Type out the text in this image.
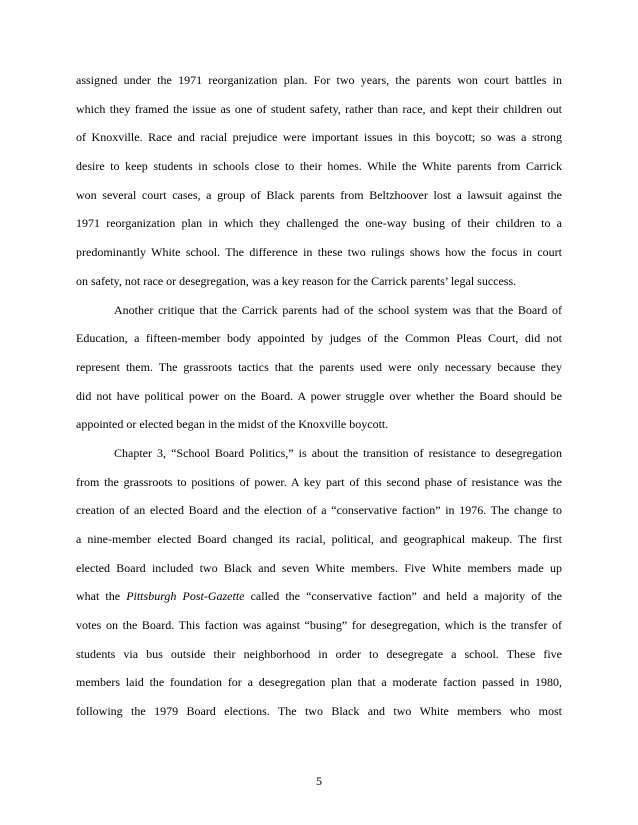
assigned under the 1971 reorganization plan. For two years, the parents won court battles in
which they framed the issue as one of student safety, rather than race, and kept their children out
of Knoxville. Race and racial prejudice were important issues in this boycott; so was a strong
desire to keep students in schools close to their homes. While the White parents from Carrick
won several court cases, a group of Black parents from Beltzhoover lost a lawsuit against the
1971 reorganization plan in which they challenged the one-way busing of their children to a
predominantly White school. The difference in these two rulings shows how the focus in court
on safety, not race or desegregation, was a key reason for the Carrick parents’ legal success.
Another critique that the Carrick parents had of the school system was that the Board of
Education, a fifteen-member body appointed by judges of the Common Pleas Court, did not
represent them. The grassroots tactics that the parents used were only necessary because they
did not have political power on the Board. A power struggle over whether the Board should be
appointed or elected began in the midst of the Knoxville boycott.
Chapter 3, “School Board Politics,” is about the transition of resistance to desegregation
from the grassroots to positions of power. A key part of this second phase of resistance was the
creation of an elected Board and the election of a “conservative faction” in 1976. The change to
a nine-member elected Board changed its racial, political, and geographical makeup. The first
elected Board included two Black and seven White members. Five White members made up
what the Pittsburgh Post-Gazette called the “conservative faction” and held a majority of the
votes on the Board. This faction was against “busing” for desegregation, which is the transfer of
students via bus outside their neighborhood in order to desegregate a school. These five
members laid the foundation for a desegregation plan that a moderate faction passed in 1980,
following the 1979 Board elections. The two Black and two White members who most
5
